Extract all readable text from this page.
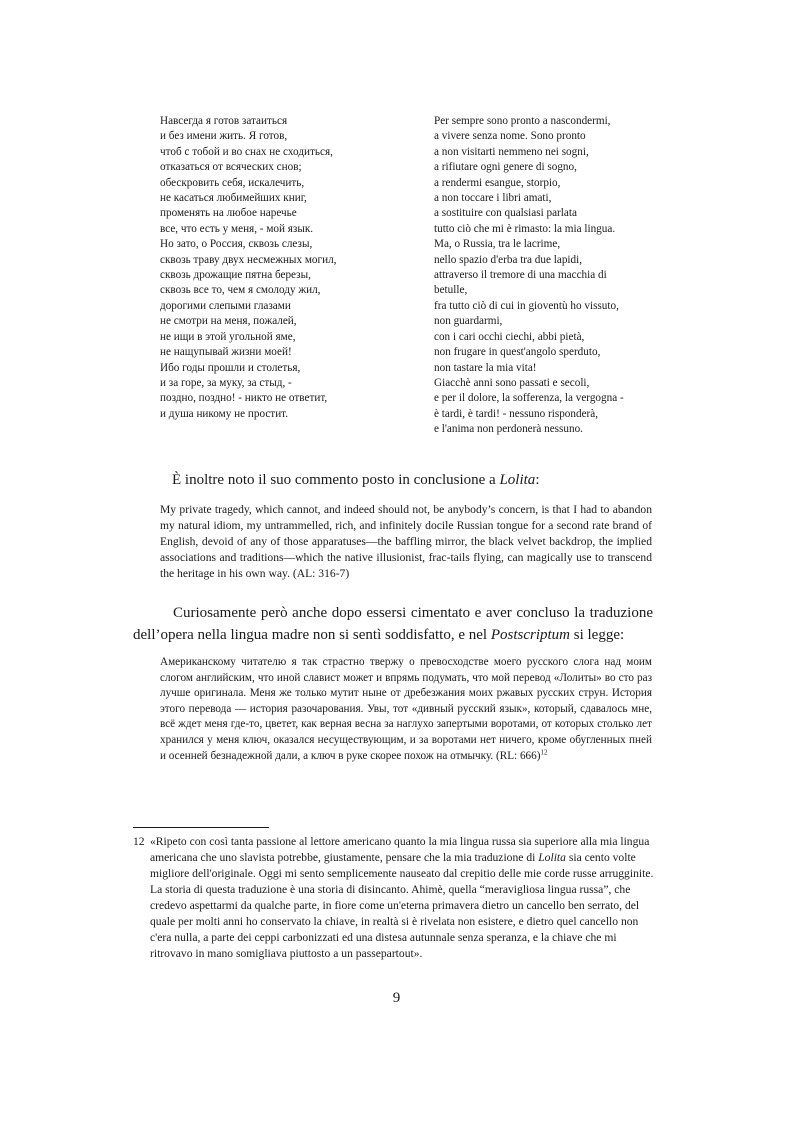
Навсегда я готов затаиться
и без имени жить. Я готов,
чтоб с тобой и во снах не сходиться,
отказаться от всяческих снов;
обескровить себя, искалечить,
не касаться любимейших книг,
променять на любое наречье
все, что есть у меня, - мой язык.
Но зато, о Россия, сквозь слезы,
сквозь траву двух несмежных могил,
сквозь дрожащие пятна березы,
сквозь все то, чем я смолоду жил,
дорогими слепыми глазами
не смотри на меня, пожалей,
не ищи в этой угольной яме,
не нащупывай жизни моей!
Ибо годы прошли и столетья,
и за горе, за муку, за стыд, -
поздно, поздно! - никто не ответит,
и душа никому не простит.
Per sempre sono pronto a nascondermi,
a vivere senza nome. Sono pronto
a non visitarti nemmeno nei sogni,
a rifiutare ogni genere di sogno,
a rendermi esangue, storpio,
a non toccare i libri amati,
a sostituire con qualsiasi parlata
tutto ciò che mi è rimasto: la mia lingua.
Ma, o Russia, tra le lacrime,
nello spazio d'erba tra due lapidi,
attraverso il tremore di una macchia di
betulle,
fra tutto ciò di cui in gioventù ho vissuto,
non guardarmi,
con i cari occhi ciechi, abbi pietà,
non frugare in quest'angolo sperduto,
non tastare la mia vita!
Giacchè anni sono passati e secoli,
e per il dolore, la sofferenza, la vergogna -
è tardi, è tardi! - nessuno risponderà,
e l'anima non perdonerà nessuno.
È inoltre noto il suo commento posto in conclusione a Lolita:
My private tragedy, which cannot, and indeed should not, be anybody’s concern, is that I had to abandon my natural idiom, my untrammelled, rich, and infinitely docile Russian tongue for a second rate brand of English, devoid of any of those apparatuses—the baffling mirror, the black velvet backdrop, the implied associations and traditions—which the native illusionist, frac-tails flying, can magically use to transcend the heritage in his own way. (AL: 316-7)
Curiosamente però anche dopo essersi cimentato e aver concluso la traduzione
dell’opera nella lingua madre non si sentì soddisfatto, e nel Postscriptum si legge:
Американскому читателю я так страстно твержу о превосходстве моего русского слога над моим слогом английским, что иной славист может и впрямь подумать, что мой перевод «Лолиты» во сто раз лучше оригинала. Меня же только мутит ныне от дребезжания моих ржавых русских струн. История этого перевода — история разочарования. Увы, тот «дивный русский язык», который, сдавалось мне, всё ждет меня где-то, цветет, как верная весна за наглухо запертыми воротами, от которых столько лет хранился у меня ключ, оказался несуществующим, и за воротами нет ничего, кроме обугленных пней и осенней безнадежной дали, а ключ в руке скорее похож на отмычку. (RL: 666)$^{12}$
12 «Ripeto con così tanta passione al lettore americano quanto la mia lingua russa sia superiore alla mia lingua americana che uno slavista potrebbe, giustamente, pensare che la mia traduzione di Lolita sia cento volte migliore dell'originale. Oggi mi sento semplicemente nauseato dal crepitio delle mie corde russe arrugginite. La storia di questa traduzione è una storia di disincanto. Ahimè, quella “meravigliosa lingua russa”, che credevo aspettarmi da qualche parte, in fiore come un'eterna primavera dietro un cancello ben serrato, del quale per molti anni ho conservato la chiave, in realtà si è rivelata non esistere, e dietro quel cancello non c'era nulla, a parte dei ceppi carbonizzati ed una distesa autunnale senza speranza, e la chiave che mi ritrovavo in mano somigliava piuttosto a un passepartout».
9
